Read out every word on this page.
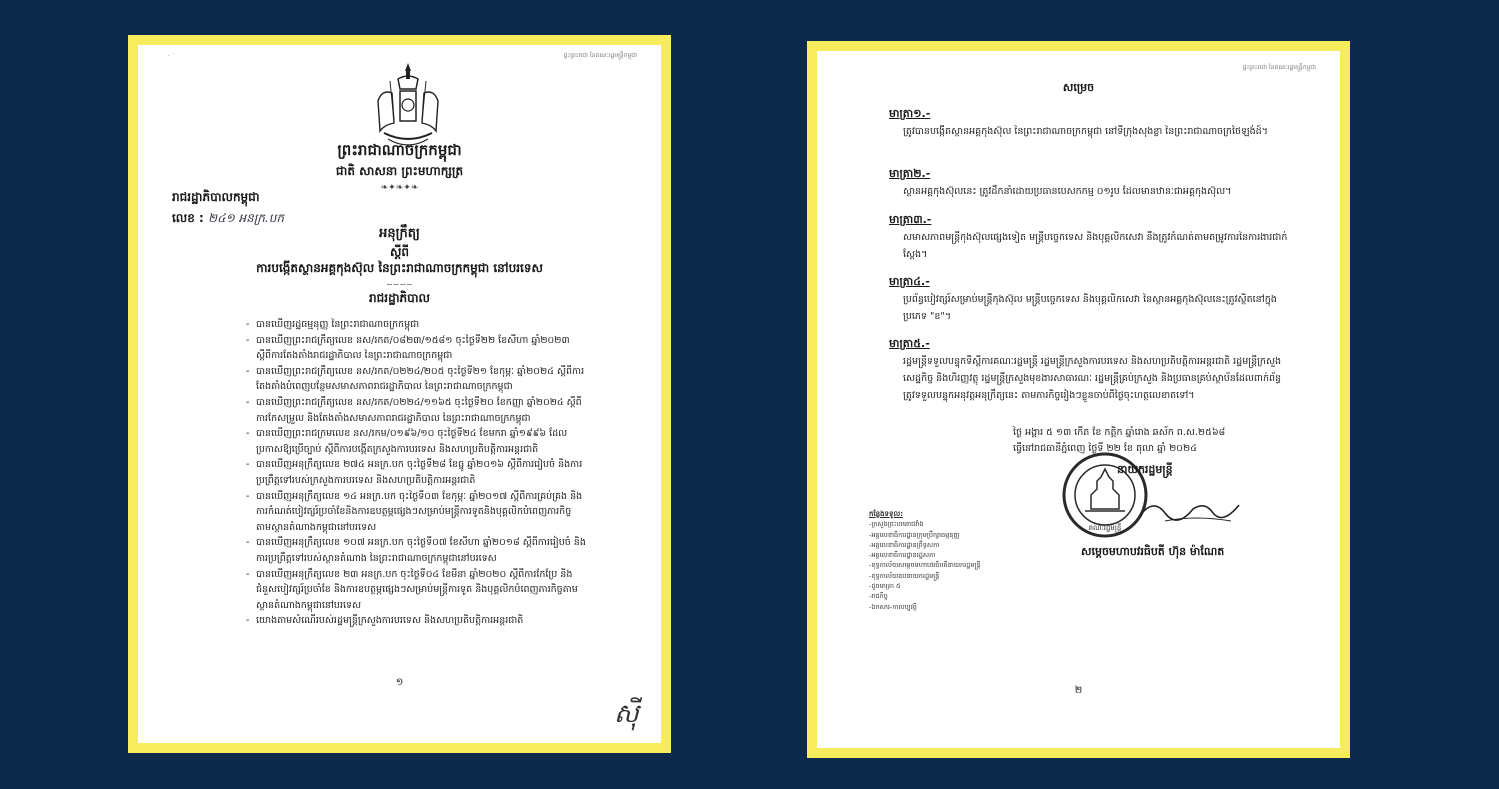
ផ្ទះព្រះរាជា នៃគណៈរដ្ឋមន្ត្រីកម្ពុជា
· ˙
ព្រះរាជាណាចក្រកម្ពុជា
ជាតិ សាសនា ព្រះមហាក្សត្រ
❧✦❧✦❧
រាជរដ្ឋាភិបាលកម្ពុជា
លេខ : ២៤១ អនក្រ.បក
អនុក្រឹត្យ
ស្ដីពី
ការបង្កើតស្ថានអគ្គកុងស៊ុល នៃព្រះរាជាណាចក្រកម្ពុជា នៅបរទេស
∼∼∼∼
រាជរដ្ឋាភិបាល
- បានឃើញរដ្ឋធម្មនុញ្ញ នៃព្រះរាជាណាចក្រកម្ពុជា
- បានឃើញព្រះរាជក្រឹត្យលេខ នស/រកត/០៨២៣/១៥៨១ ចុះថ្ងៃទី២២ ខែសីហា ឆ្នាំ២០២៣ ស្ដីពីការតែងតាំងរាជរដ្ឋាភិបាល នៃព្រះរាជាណាចក្រកម្ពុជា
- បានឃើញព្រះរាជក្រឹត្យលេខ នស/រកត/០២២៤/២០៥ ចុះថ្ងៃទី២១ ខែកុម្ភៈ ឆ្នាំ២០២៤ ស្ដីពីការតែងតាំងបំពេញបន្ថែមសមាសភាពរាជរដ្ឋាភិបាល នៃព្រះរាជាណាចក្រកម្ពុជា
- បានឃើញព្រះរាជក្រឹត្យលេខ នស/រកត/០២២៤/១១៦៥ ចុះថ្ងៃទី២០ ខែកញ្ញា ឆ្នាំ២០២៤ ស្ដីពីការកែសម្រួល និងតែងតាំងសមាសភាពរាជរដ្ឋាភិបាល នៃព្រះរាជាណាចក្រកម្ពុជា
- បានឃើញព្រះរាជក្រមលេខ នស/រកម/០១៩៦/១០ ចុះថ្ងៃទី២៤ ខែមករា ឆ្នាំ១៩៩៦ ដែលប្រកាសឱ្យប្រើច្បាប់ ស្ដីពីការបង្កើតក្រសួងការបរទេស និងសហប្រតិបត្តិការអន្តរជាតិ
- បានឃើញអនុក្រឹត្យលេខ ២៧៤ អនក្រ.បក ចុះថ្ងៃទី២៨ ខែធ្នូ ឆ្នាំ២០១៦ ស្ដីពីការរៀបចំ និងការប្រព្រឹត្តទៅរបស់ក្រសួងការបរទេស និងសហប្រតិបត្តិការអន្តរជាតិ
- បានឃើញអនុក្រឹត្យលេខ ១៤ អនក្រ.បក ចុះថ្ងៃទី០៣ ខែកុម្ភៈ ឆ្នាំ២០១៧ ស្ដីពីការគ្រប់គ្រង និងការកំណត់បៀវត្សរ៍ប្រចាំខែនិងការឧបត្ថម្ភផ្សេងៗសម្រាប់មន្ត្រីការទូតនិងបុគ្គលិកបំពេញភារកិច្ចតាមស្ថានតំណាងកម្ពុជានៅបរទេស
- បានឃើញអនុក្រឹត្យលេខ ១០៧ អនក្រ.បក ចុះថ្ងៃទី០៧ ខែសីហា ឆ្នាំ២០១៨ ស្ដីពីការរៀបចំ និងការប្រព្រឹត្តទៅរបស់ស្ថានតំណាង នៃព្រះរាជាណាចក្រកម្ពុជានៅបរទេស
- បានឃើញអនុក្រឹត្យលេខ ២៣ អនក្រ.បក ចុះថ្ងៃទី០៤ ខែមីនា ឆ្នាំ២០២០ ស្ដីពីការកែប្រែ និងជំនួសបៀវត្សរ៍ប្រចាំខែ និងការឧបត្ថម្ភផ្សេងៗសម្រាប់មន្ត្រីការទូត និងបុគ្គលិកបំពេញភារកិច្ចតាមស្ថានតំណាងកម្ពុជានៅបរទេស
- យោងតាមសំណើរបស់រដ្ឋមន្ត្រីក្រសួងការបរទេស និងសហប្រតិបត្តិការអន្តរជាតិ
១
ស៊ី
ផ្ទះព្រះរាជា នៃគណៈរដ្ឋមន្ត្រីកម្ពុជា
សម្រេច
មាត្រា១.-
ត្រូវបានបង្កើតស្ថានអគ្គកុងស៊ុល នៃព្រះរាជាណាចក្រកម្ពុជា នៅទីក្រុងសុងខ្លា នៃព្រះរាជាណាចក្រថៃឡង់ដ៍។
មាត្រា២.-
ស្ថានអគ្គកុងស៊ុលនេះ ត្រូវដឹកនាំដោយប្រធានបេសកកម្ម ០១រូប ដែលមានឋានៈជាអគ្គកុងស៊ុល។
មាត្រា៣.-
សមាសភាពមន្ត្រីកុងស៊ុលផ្សេងទៀត មន្ត្រីបច្ចេកទេស និងបុគ្គលិកសេវា នឹងត្រូវកំណត់តាមតម្រូវការនៃការងារជាក់ស្ដែង។
មាត្រា៤.-
ប្រព័ន្ធបៀវត្សរ៍សម្រាប់មន្ត្រីកុងស៊ុល មន្ត្រីបច្ចេកទេស និងបុគ្គលិកសេវា នៃស្ថានអគ្គកុងស៊ុលនេះត្រូវស្ថិតនៅក្នុងប្រភេទ "ខ"។
មាត្រា៥.-
រដ្ឋមន្ត្រីទទួលបន្ទុកទីស្ដីការគណៈរដ្ឋមន្ត្រី រដ្ឋមន្ត្រីក្រសួងការបរទេស និងសហប្រតិបត្តិការអន្តរជាតិ រដ្ឋមន្ត្រីក្រសួងសេដ្ឋកិច្ច និងហិរញ្ញវត្ថុ រដ្ឋមន្ត្រីក្រសួងមុខងារសាធារណៈ រដ្ឋមន្ត្រីគ្រប់ក្រសួង និងប្រធានគ្រប់ស្ថាប័នដែលពាក់ព័ន្ធ ត្រូវទទួលបន្ទុកអនុវត្តអនុក្រឹត្យនេះ តាមភារកិច្ចរៀងៗខ្លួនចាប់ពីថ្ងៃចុះហត្ថលេខាតទៅ។
ថ្ងៃ អង្គារ ៥ ១៣ កើត ខែ កត្ដិក ឆ្នាំរោង ឆស័ក ព.ស.២៥៦៨
ធ្វើនៅរាជធានីភ្នំពេញ ថ្ងៃទី ២២ ខែ តុលា ឆ្នាំ ២០២៤
គណៈរដ្ឋមន្ត្រី
នាយករដ្ឋមន្ត្រី
សម្ដេចមហាបវរធិបតី ហ៊ុន ម៉ាណែត
កន្លែងទទួល:
-ក្រសួងព្រះបរមរាជវាំង
-អគ្គលេខាធិការដ្ឋានក្រុមប្រឹក្សាធម្មនុញ្ញ
-អគ្គលេខាធិការដ្ឋានព្រឹទ្ធសភា
-អគ្គលេខាធិការដ្ឋានរដ្ឋសភា
-ខុទ្ទកាល័យសម្ដេចមហាបវរធិបតីនាយករដ្ឋមន្ត្រី
-ខុទ្ទកាល័យឧបនាយករដ្ឋមន្ត្រី
-ដូចមាត្រា ៥
-រាជកិច្ច
-ឯកសារ-កាលប្បវត្តិ
២
